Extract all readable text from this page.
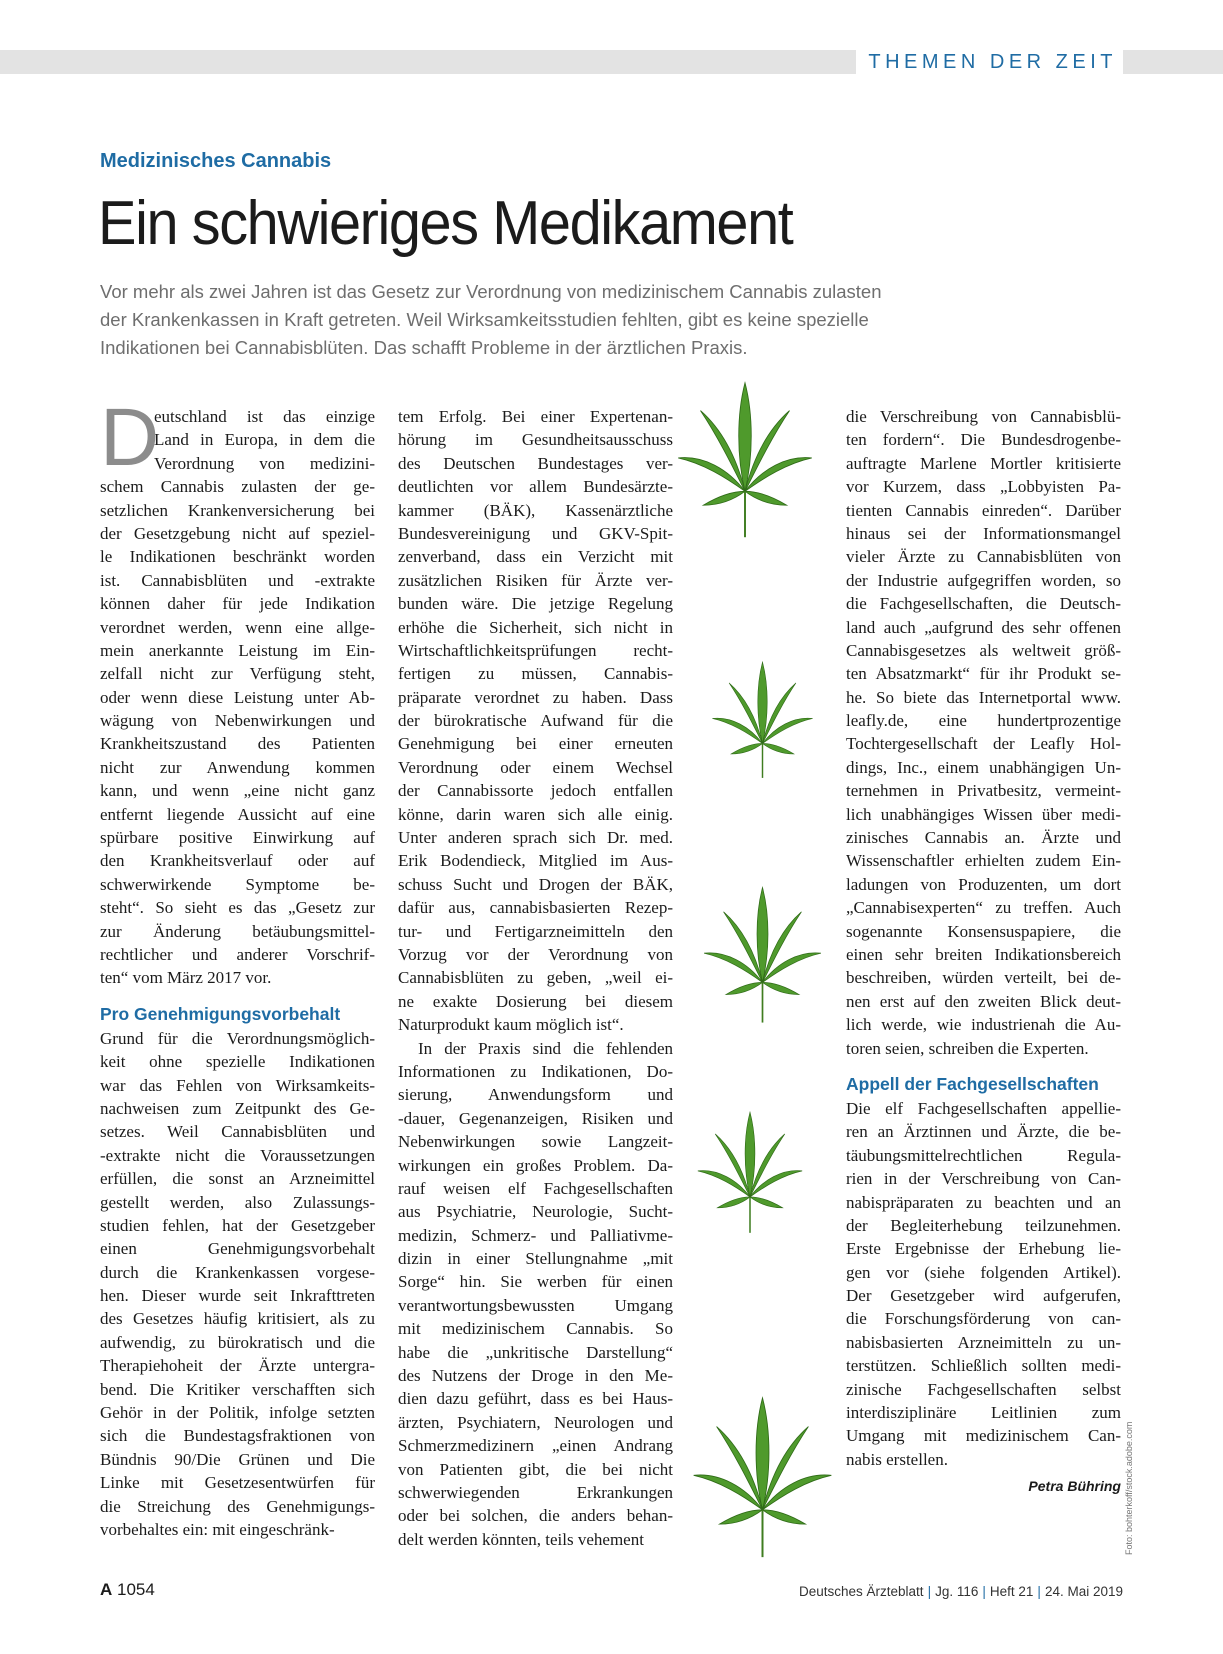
THEMEN DER ZEIT
Medizinisches Cannabis
Ein schwieriges Medikament
Vor mehr als zwei Jahren ist das Gesetz zur Verordnung von medizinischem Cannabis zulasten
der Krankenkassen in Kraft getreten. Weil Wirksamkeitsstudien fehlten, gibt es keine spezielle
Indikationen bei Cannabisblüten. Das schafft Probleme in der ärztlichen Praxis.
D

eutschland ist das einzige
Land in Europa, in dem die
Verordnung von medizini-
schem Cannabis zulasten der ge-
setzlichen Krankenversicherung bei
der Gesetzgebung nicht auf speziel-
le Indikationen beschränkt worden
ist. Cannabisblüten und -extrakte
können daher für jede Indikation
verordnet werden, wenn eine allge-
mein anerkannte Leistung im Ein-
zelfall nicht zur Verfügung steht,
oder wenn diese Leistung unter Ab-
wägung von Nebenwirkungen und
Krankheitszustand des Patienten
nicht zur Anwendung kommen
kann, und wenn „eine nicht ganz
entfernt liegende Aussicht auf eine
spürbare positive Einwirkung auf
den Krankheitsverlauf oder auf
schwerwirkende Symptome be-
steht“. So sieht es das „Gesetz zur
zur Änderung betäubungsmittel-
rechtlicher und anderer Vorschrif-
ten“ vom März 2017 vor.

Pro Genehmigungsvorbehalt

Grund für die Verordnungsmöglich-
keit ohne spezielle Indikationen
war das Fehlen von Wirksamkeits-
nachweisen zum Zeitpunkt des Ge-
setzes. Weil Cannabisblüten und
-extrakte nicht die Voraussetzungen
erfüllen, die sonst an Arzneimittel
gestellt werden, also Zulassungs-
studien fehlen, hat der Gesetzgeber
einen Genehmigungsvorbehalt
durch die Krankenkassen vorgese-
hen. Dieser wurde seit Inkrafttreten
des Gesetzes häufig kritisiert, als zu
aufwendig, zu bürokratisch und die
Therapiehoheit der Ärzte untergra-
bend. Die Kritiker verschafften sich
Gehör in der Politik, infolge setzten
sich die Bundestagsfraktionen von
Bündnis 90/Die Grünen und Die
Linke mit Gesetzesentwürfen für
die Streichung des Genehmigungs-
vorbehaltes ein: mit eingeschränk-

tem Erfolg. Bei einer Expertenan-
hörung im Gesundheitsausschuss
des Deutschen Bundestages ver-
deutlichten vor allem Bundesärzte-
kammer (BÄK), Kassenärztliche
Bundesvereinigung und GKV-Spit-
zenverband, dass ein Verzicht mit
zusätzlichen Risiken für Ärzte ver-
bunden wäre. Die jetzige Regelung
erhöhe die Sicherheit, sich nicht in
Wirtschaftlichkeitsprüfungen recht-
fertigen zu müssen, Cannabis-
präparate verordnet zu haben. Dass
der bürokratische Aufwand für die
Genehmigung bei einer erneuten
Verordnung oder einem Wechsel
der Cannabissorte jedoch entfallen
könne, darin waren sich alle einig.
Unter anderen sprach sich Dr. med.
Erik Bodendieck, Mitglied im Aus-
schuss Sucht und Drogen der BÄK,
dafür aus, cannabisbasierten Rezep-
tur- und Fertigarzneimitteln den
Vorzug vor der Verordnung von
Cannabisblüten zu geben, „weil ei-
ne exakte Dosierung bei diesem
Naturprodukt kaum möglich ist“.
In der Praxis sind die fehlenden
Informationen zu Indikationen, Do-
sierung, Anwendungsform und
-dauer, Gegenanzeigen, Risiken und
Nebenwirkungen sowie Langzeit-
wirkungen ein großes Problem. Da-
rauf weisen elf Fachgesellschaften
aus Psychiatrie, Neurologie, Sucht-
medizin, Schmerz- und Palliativme-
dizin in einer Stellungnahme „mit
Sorge“ hin. Sie werben für einen
verantwortungsbewussten Umgang
mit medizinischem Cannabis. So
habe die „unkritische Darstellung“
des Nutzens der Droge in den Me-
dien dazu geführt, dass es bei Haus-
ärzten, Psychiatern, Neurologen und
Schmerzmedizinern „einen Andrang
von Patienten gibt, die bei nicht
schwerwiegenden Erkrankungen
oder bei solchen, die anders behan-
delt werden könnten, teils vehement

die Verschreibung von Cannabisblü-
ten fordern“. Die Bundesdrogenbe-
auftragte Marlene Mortler kritisierte
vor Kurzem, dass „Lobbyisten Pa-
tienten Cannabis einreden“. Darüber
hinaus sei der Informationsmangel
vieler Ärzte zu Cannabisblüten von
der Industrie aufgegriffen worden, so
die Fachgesellschaften, die Deutsch-
land auch „aufgrund des sehr offenen
Cannabisgesetzes als weltweit größ-
ten Absatzmarkt“ für ihr Produkt se-
he. So biete das Internetportal www.
leafly.de, eine hundertprozentige
Tochtergesellschaft der Leafly Hol-
dings, Inc., einem unabhängigen Un-
ternehmen in Privatbesitz, vermeint-
lich unabhängiges Wissen über medi-
zinisches Cannabis an. Ärzte und
Wissenschaftler erhielten zudem Ein-
ladungen von Produzenten, um dort
„Cannabisexperten“ zu treffen. Auch
sogenannte Konsensuspapiere, die
einen sehr breiten Indikationsbereich
beschreiben, würden verteilt, bei de-
nen erst auf den zweiten Blick deut-
lich werde, wie industrienah die Au-
toren seien, schreiben die Experten.

Appell der Fachgesellschaften

Die elf Fachgesellschaften appellie-
ren an Ärztinnen und Ärzte, die be-
täubungsmittelrechtlichen Regula-
rien in der Verschreibung von Can-
nabispräparaten zu beachten und an
der Begleiterhebung teilzunehmen.
Erste Ergebnisse der Erhebung lie-
gen vor (siehe folgenden Artikel).
Der Gesetzgeber wird aufgerufen,
die Forschungsförderung von can-
nabisbasierten Arzneimitteln zu un-
terstützen. Schließlich sollten medi-
zinische Fachgesellschaften selbst
interdisziplinäre Leitlinien zum
Umgang mit medizinischem Can-
nabis erstellen.

Petra Bühring Foto: bohterkoff/stock.adobe.com
A 1054	Deutsches Ärzteblatt | Jg. 116 | Heft 21 | 24. Mai 2019
